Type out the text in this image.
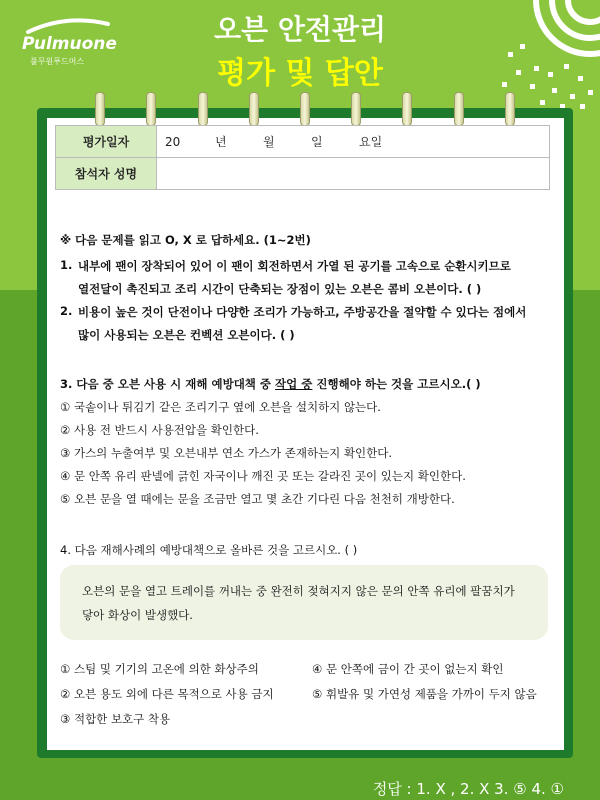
Pulmuone
풀무원푸드머스
오븐 안전관리
평가 및 답안
평가일자	20 년 월 일 요일
참석자 성명	
※ 다음 문제를 읽고 O, X 로 답하세요. (1~2번)
1. 내부에 팬이 장착되어 있어 이 팬이 회전하면서 가열 된 공기를 고속으로 순환시키므로
열전달이 촉진되고 조리 시간이 단축되는 장점이 있는 오븐은 콤비 오븐이다. ( )
2. 비용이 높은 것이 단전이나 다양한 조리가 가능하고, 주방공간을 절약할 수 있다는 점에서
많이 사용되는 오븐은 컨벡션 오븐이다. ( )
3. 다음 중 오븐 사용 시 재해 예방대책 중 작업 중 진행해야 하는 것을 고르시오.( )
① 국솥이나 튀김기 같은 조리기구 옆에 오븐을 설치하지 않는다.
② 사용 전 반드시 사용전압을 확인한다.
③ 가스의 누출여부 및 오븐내부 연소 가스가 존재하는지 확인한다.
④ 문 안쪽 유리 판넬에 긁힌 자국이나 깨진 곳 또는 갈라진 곳이 있는지 확인한다.
⑤ 오븐 문을 열 때에는 문을 조금만 열고 몇 초간 기다린 다음 천천히 개방한다.
4. 다음 재해사례의 예방대책으로 올바른 것을 고르시오. ( )
오븐의 문을 열고 트레이를 꺼내는 중 완전히 젖혀지지 않은 문의 안쪽 유리에 팔꿈치가
닿아 화상이 발생했다.
① 스팀 및 기기의 고온에 의한 화상주의
② 오븐 용도 외에 다른 목적으로 사용 금지
③ 적합한 보호구 착용
④ 문 안쪽에 금이 간 곳이 없는지 확인
⑤ 휘발유 및 가연성 제품을 가까이 두지 않음
정답 : 1. X , 2. X 3. ⑤ 4. ①
